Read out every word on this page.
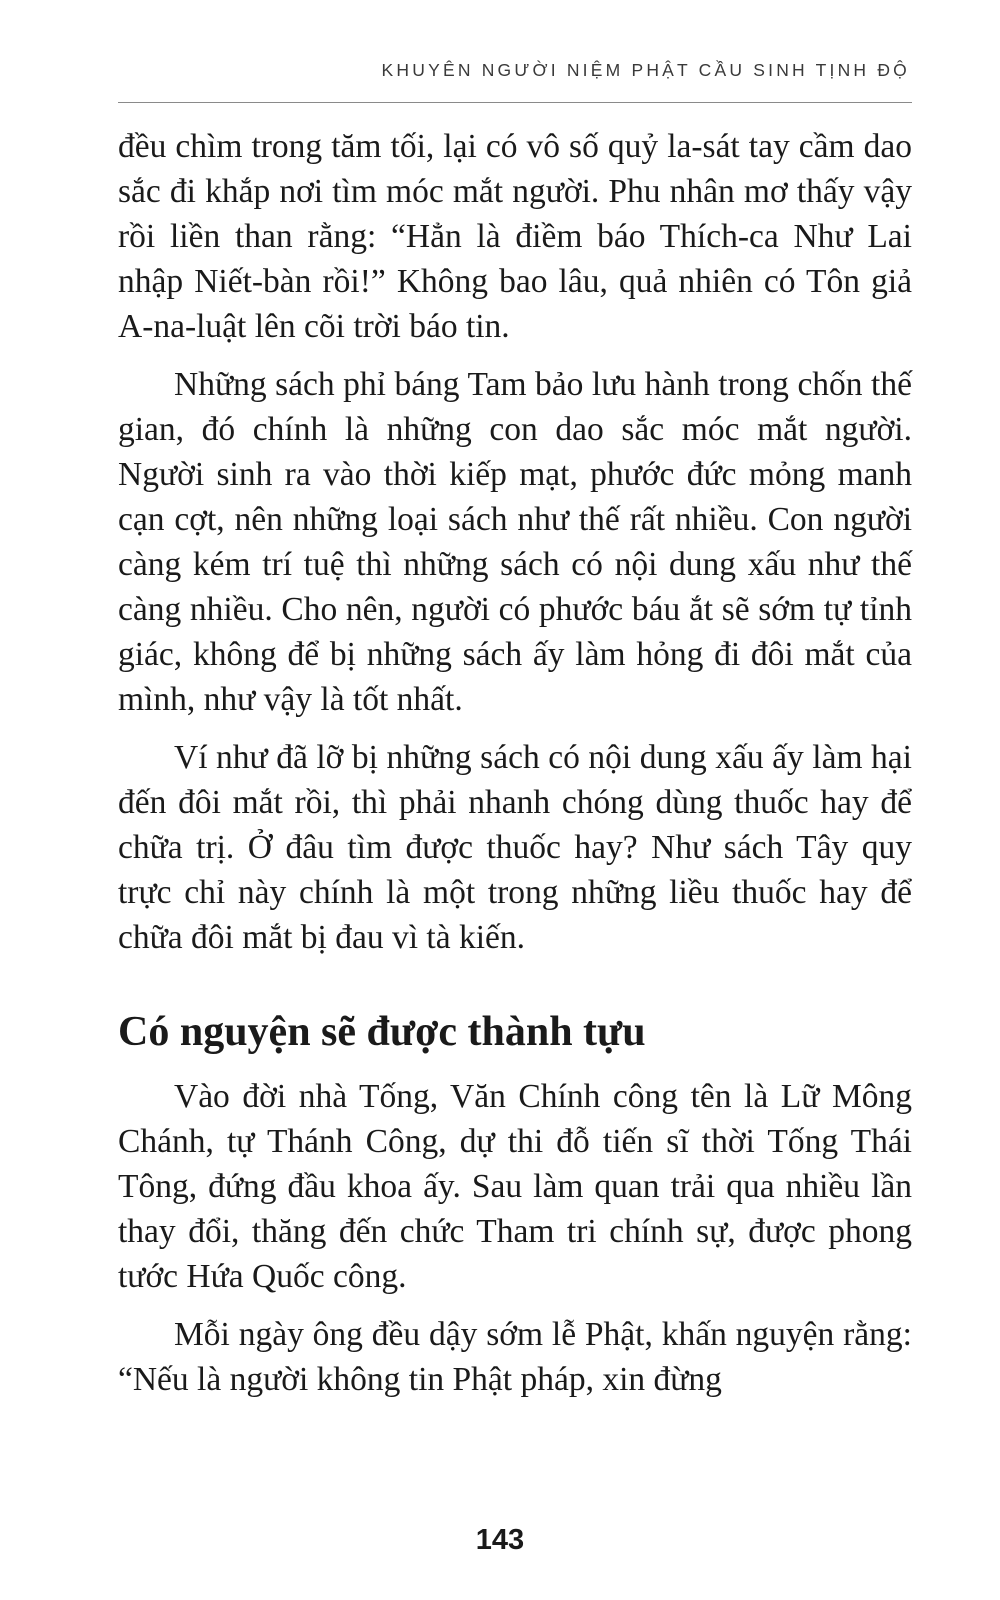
KHUYÊN NGƯỜI NIỆM PHẬT CẦU SINH TỊNH ĐỘ

đều chìm trong tăm tối, lại có vô số quỷ la-sát tay cầm dao sắc đi khắp nơi tìm móc mắt người. Phu nhân mơ thấy vậy rồi liền than rằng: “Hẳn là điềm báo Thích-ca Như Lai nhập Niết-bàn rồi!” Không bao lâu, quả nhiên có Tôn giả A-na-luật lên cõi trời báo tin.

Những sách phỉ báng Tam bảo lưu hành trong chốn thế gian, đó chính là những con dao sắc móc mắt người. Người sinh ra vào thời kiếp mạt, phước đức mỏng manh cạn cợt, nên những loại sách như thế rất nhiều. Con người càng kém trí tuệ thì những sách có nội dung xấu như thế càng nhiều. Cho nên, người có phước báu ắt sẽ sớm tự tỉnh giác, không để bị những sách ấy làm hỏng đi đôi mắt của mình, như vậy là tốt nhất.

Ví như đã lỡ bị những sách có nội dung xấu ấy làm hại đến đôi mắt rồi, thì phải nhanh chóng dùng thuốc hay để chữa trị. Ở đâu tìm được thuốc hay? Như sách Tây quy trực chỉ này chính là một trong những liều thuốc hay để chữa đôi mắt bị đau vì tà kiến.

Có nguyện sẽ được thành tựu

Vào đời nhà Tống, Văn Chính công tên là Lữ Mông Chánh, tự Thánh Công, dự thi đỗ tiến sĩ thời Tống Thái Tông, đứng đầu khoa ấy. Sau làm quan trải qua nhiều lần thay đổi, thăng đến chức Tham tri chính sự, được phong tước Hứa Quốc công.

Mỗi ngày ông đều dậy sớm lễ Phật, khấn nguyện rằng: “Nếu là người không tin Phật pháp, xin đừng

143
